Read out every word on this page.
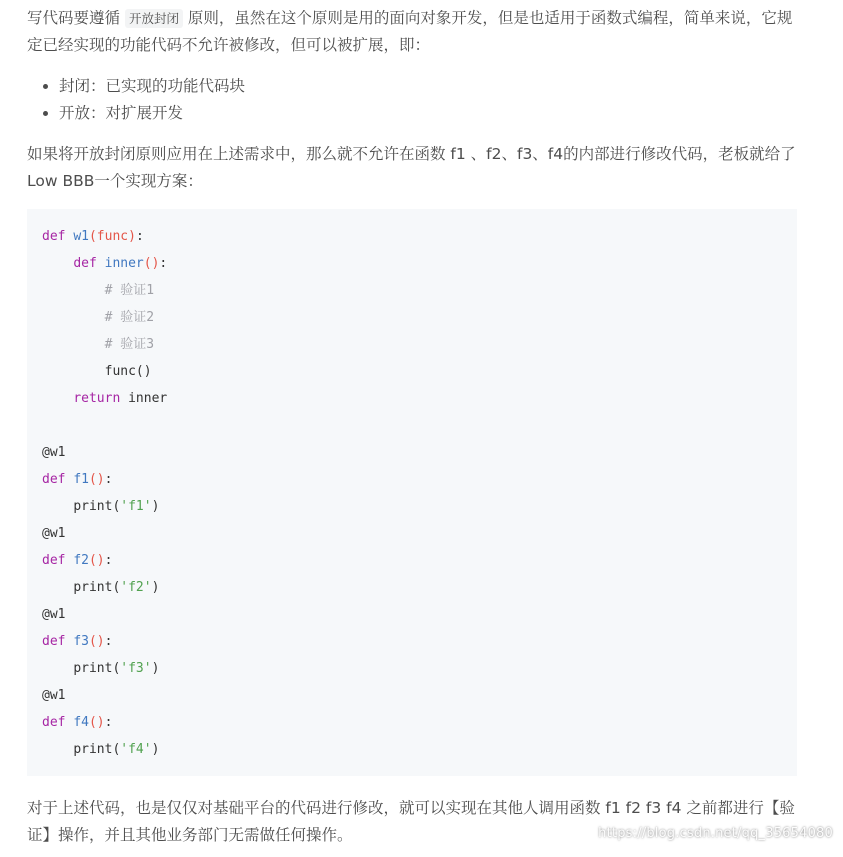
写代码要遵循 开放封闭 原则，虽然在这个原则是用的面向对象开发，但是也适用于函数式编程，简单来说，它规定已经实现的功能代码不允许被修改，但可以被扩展，即：

• 封闭：已实现的功能代码块
• 开放：对扩展开发

如果将开放封闭原则应用在上述需求中，那么就不允许在函数 f1 、f2、f3、f4的内部进行修改代码，老板就给了Low BBB一个实现方案：

def w1(func):
def inner():
# 验证1
# 验证2
# 验证3
func()
return inner
@w1
def f1():
print('f1')
@w1
def f2():
print('f2')
@w1
def f3():
print('f3')
@w1
def f4():
print('f4')

对于上述代码，也是仅仅对基础平台的代码进行修改，就可以实现在其他人调用函数 f1 f2 f3 f4 之前都进行【验证】操作，并且其他业务部门无需做任何操作。	https://blog.csdn.net/qq_35654080
